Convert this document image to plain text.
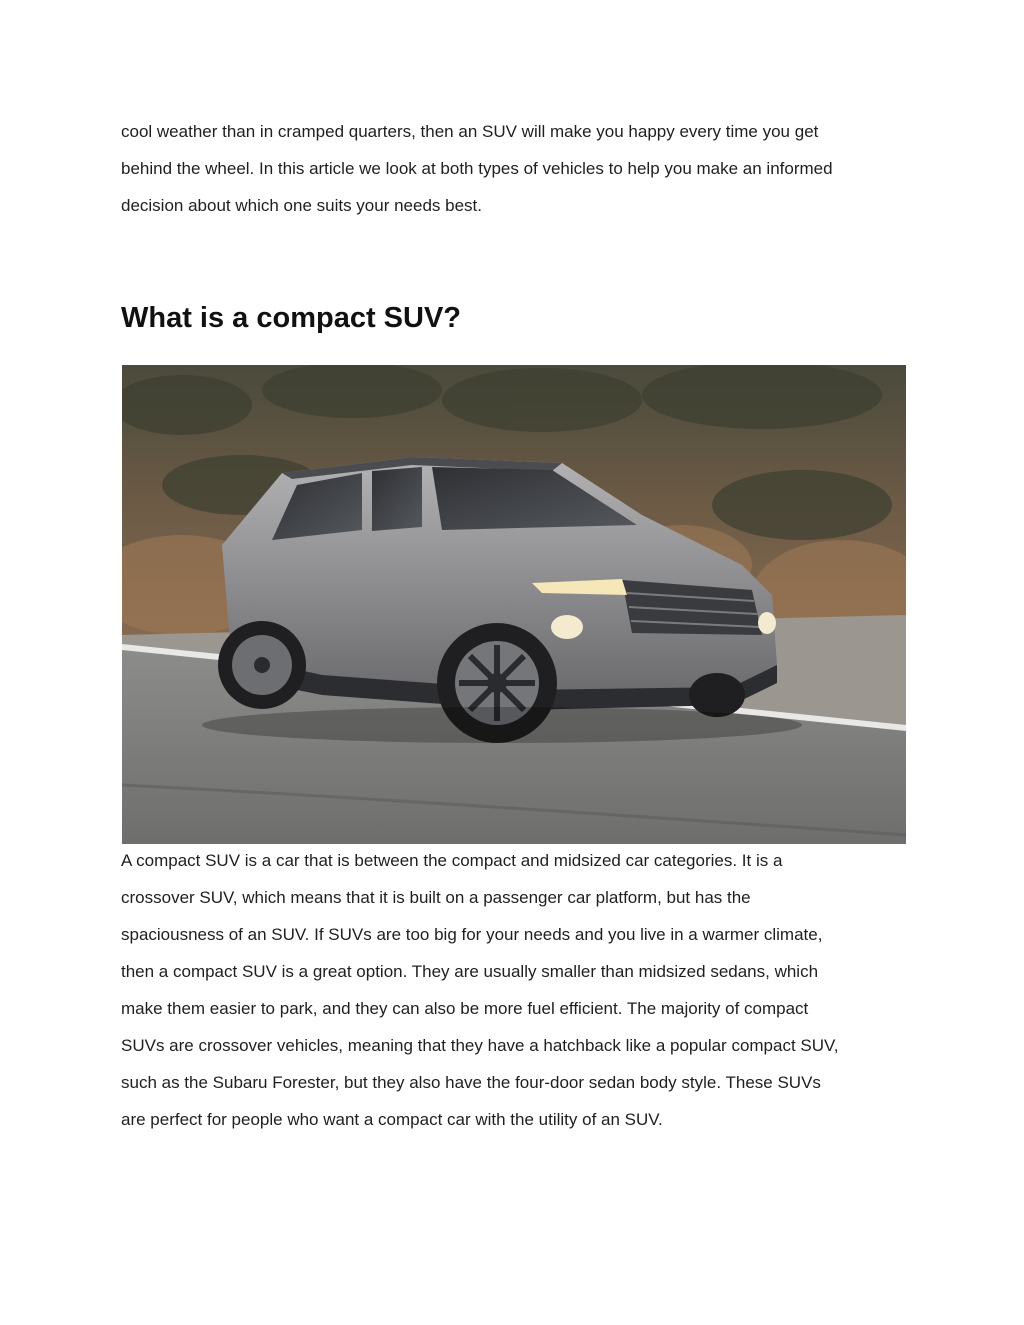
cool weather than in cramped quarters, then an SUV will make you happy every time you get
behind the wheel. In this article we look at both types of vehicles to help you make an informed
decision about which one suits your needs best.

What is a compact SUV?

A compact SUV is a car that is between the compact and midsized car categories. It is a
crossover SUV, which means that it is built on a passenger car platform, but has the
spaciousness of an SUV. If SUVs are too big for your needs and you live in a warmer climate,
then a compact SUV is a great option. They are usually smaller than midsized sedans, which
make them easier to park, and they can also be more fuel efficient. The majority of compact
SUVs are crossover vehicles, meaning that they have a hatchback like a popular compact SUV,
such as the Subaru Forester, but they also have the four-door sedan body style. These SUVs
are perfect for people who want a compact car with the utility of an SUV.
